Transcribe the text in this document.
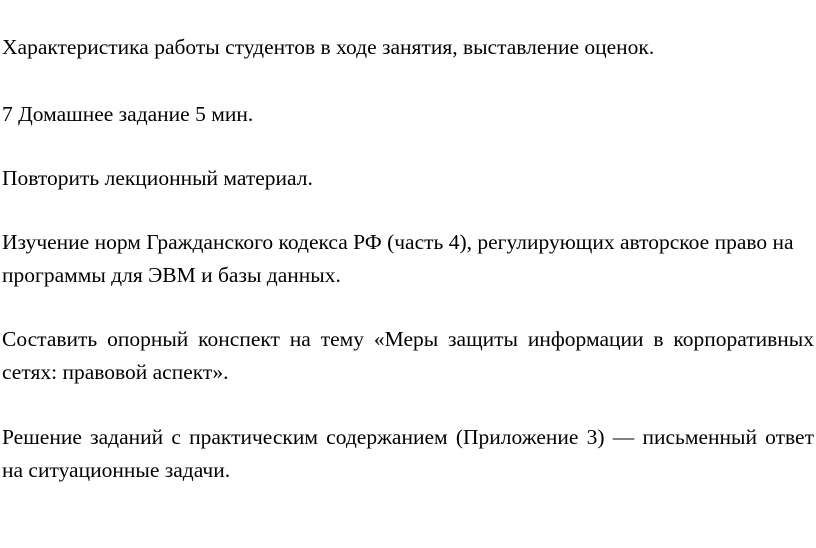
Характеристика работы студентов в ходе занятия, выставление оценок.

7 Домашнее задание 5 мин.

Повторить лекционный материал.

Изучение норм Гражданского кодекса РФ (часть 4), регулирующих авторское право на программы для ЭВМ и базы данных.

Составить опорный конспект на тему «Меры защиты информации в корпоративных сетях: правовой аспект».

Решение заданий с практическим содержанием (Приложение 3) — письменный ответ на ситуационные задачи.
